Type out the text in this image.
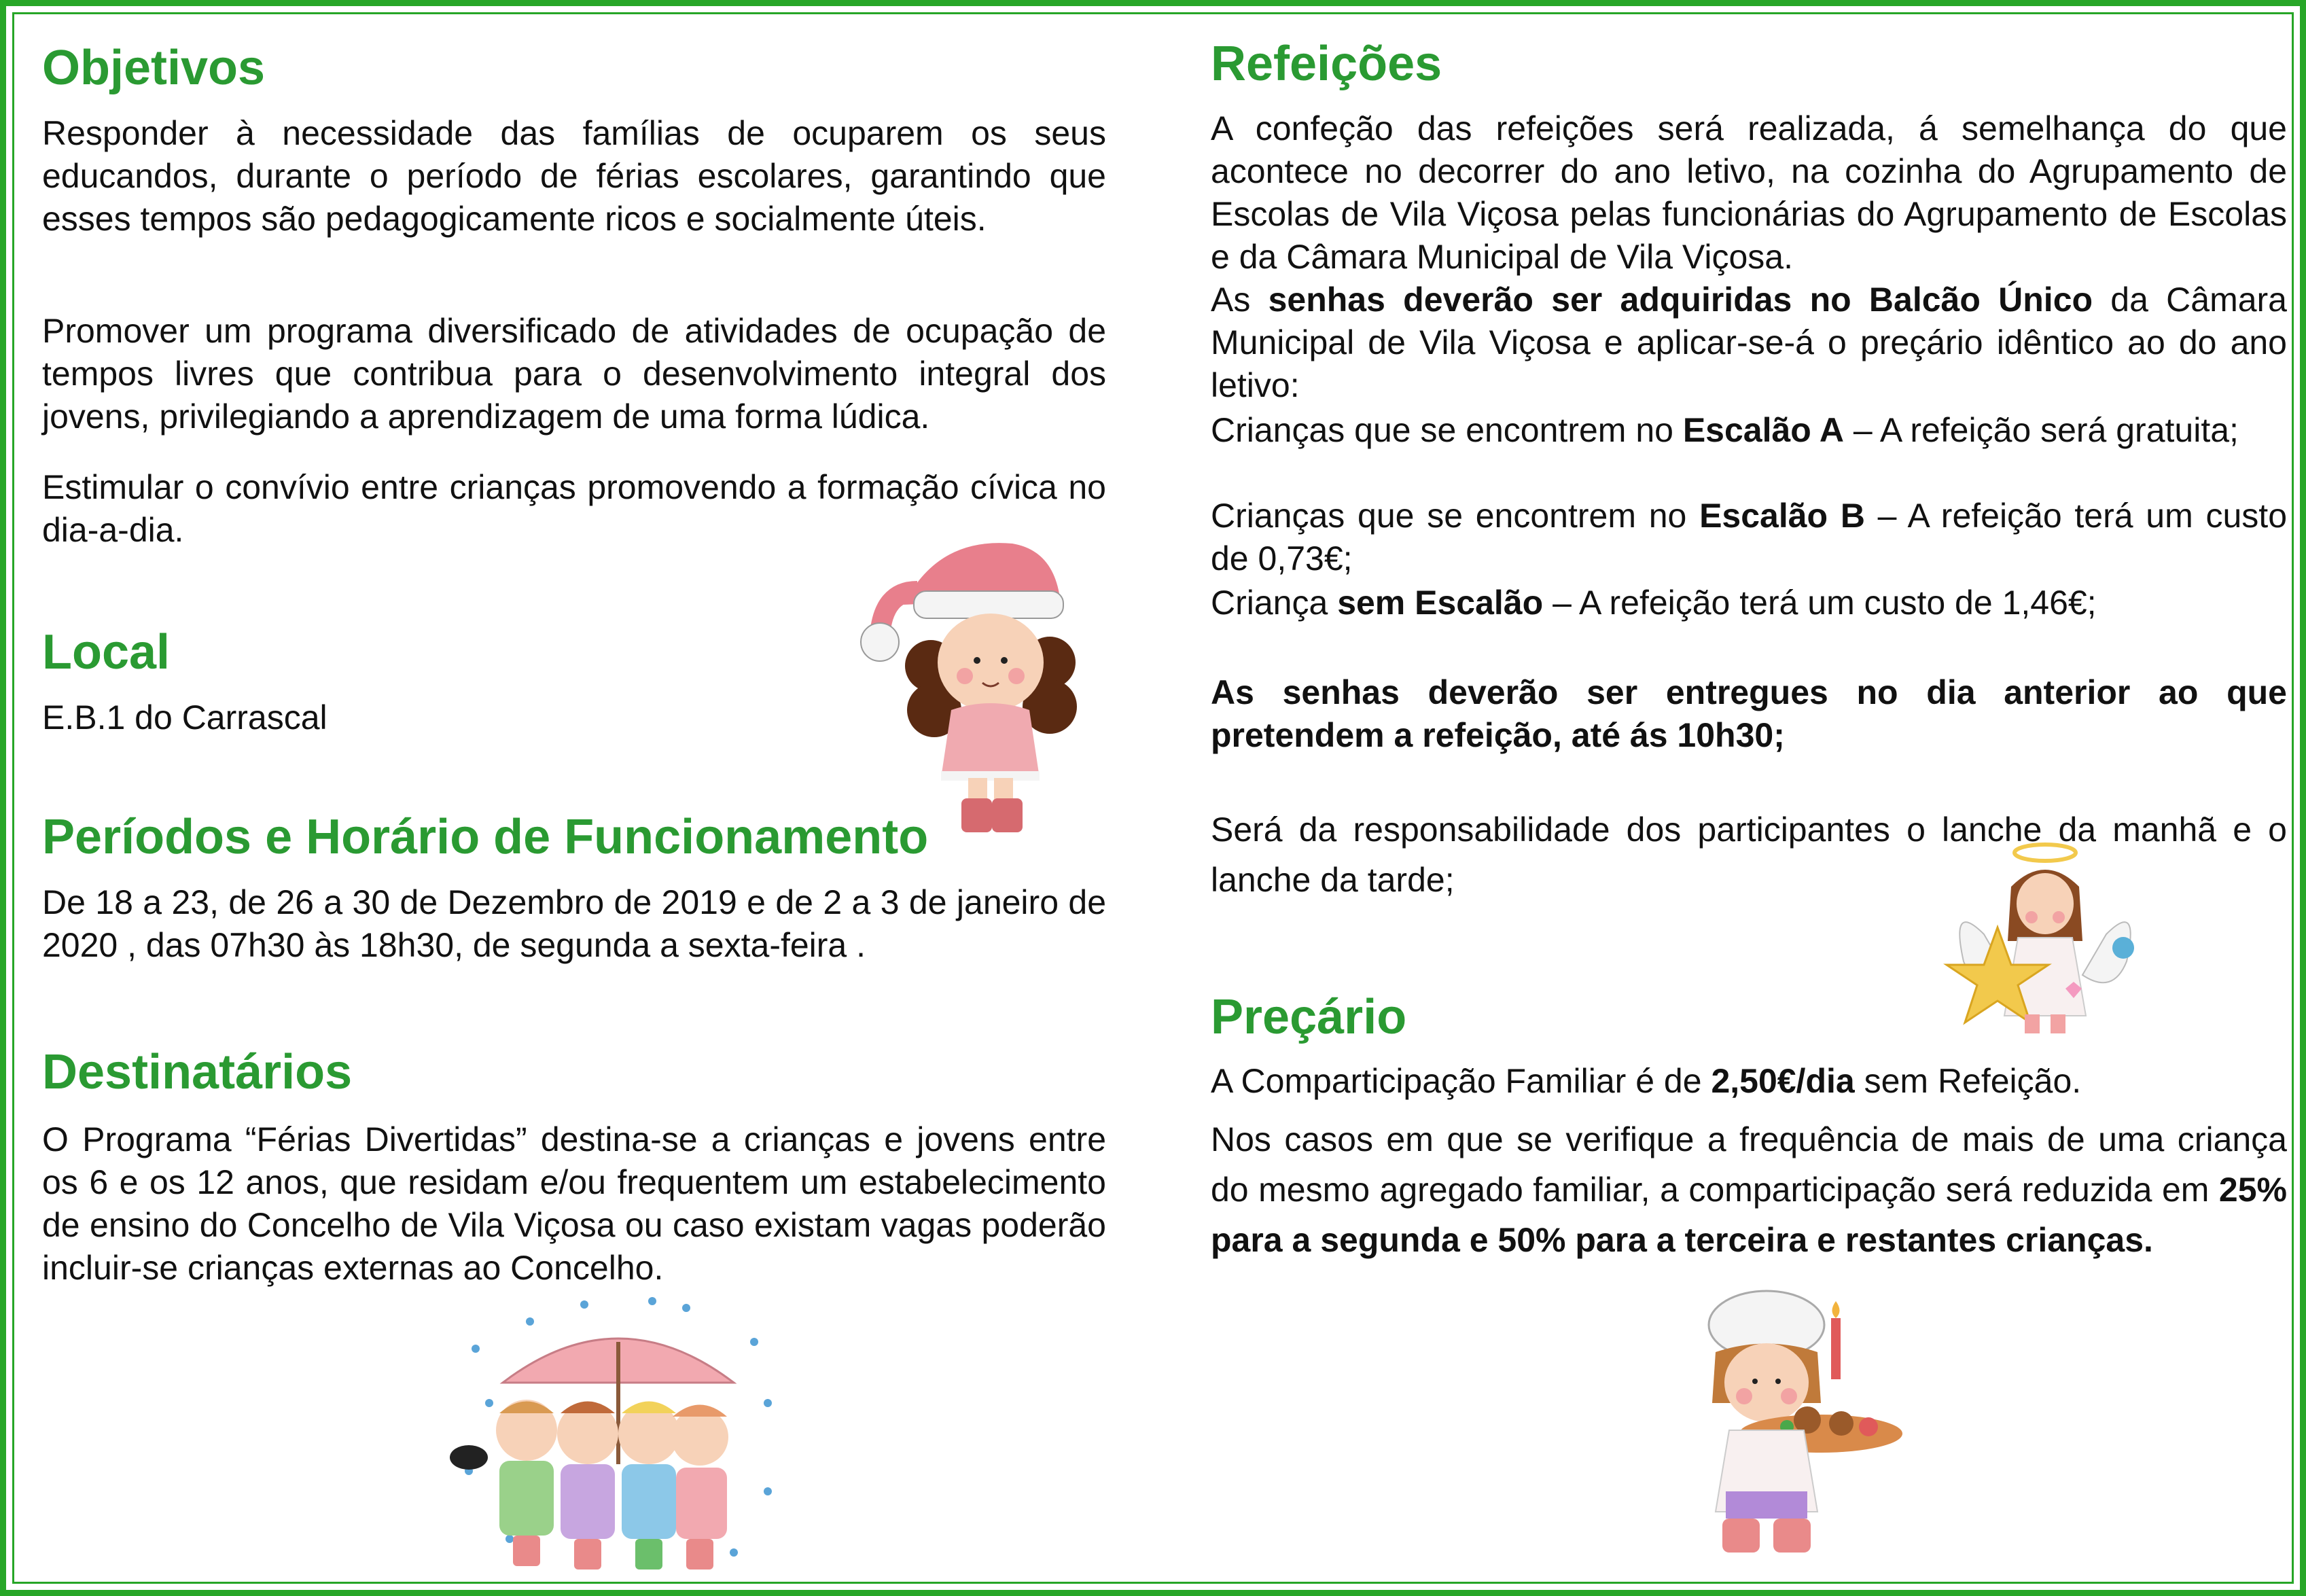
Objetivos

Responder à necessidade das famílias de ocuparem os seus educandos, durante o período de férias escolares, garantindo que esses tempos são pedagogicamente ricos e socialmente úteis.

Promover um programa diversificado de atividades de ocupação de tempos livres que contribua para o desenvolvimento integral dos jovens, privilegiando a aprendizagem de uma forma lúdica.

Estimular o convívio entre crianças promovendo a formação cívica no dia-a-dia.

Local

E.B.1 do Carrascal

Períodos e Horário de Funcionamento

De 18 a 23, de 26 a 30 de Dezembro de 2019 e de 2 a 3 de janeiro de 2020 , das 07h30 às 18h30, de segunda a sexta-feira .

Destinatários

O Programa “Férias Divertidas” destina-se a crianças e jovens entre os 6 e os 12 anos, que residam e/ou frequentem um estabelecimento de ensino do Concelho de Vila Viçosa ou caso existam vagas poderão incluir-se crianças externas ao Concelho.

Refeições

A confeção das refeições será realizada, á semelhança do que acontece no decorrer do ano letivo, na cozinha do Agrupamento de Escolas de Vila Viçosa pelas funcionárias do Agrupamento de Escolas e da Câmara Municipal de Vila Viçosa.

As senhas deverão ser adquiridas no Balcão Único da Câmara Municipal de Vila Viçosa e aplicar-se-á o preçário idêntico ao do ano letivo:

Crianças que se encontrem no Escalão A – A refeição será gratuita;

Crianças que se encontrem no Escalão B – A refeição terá um custo de 0,73€;

Criança sem Escalão – A refeição terá um custo de 1,46€;

As senhas deverão ser entregues no dia anterior ao que pretendem a refeição, até ás 10h30;

Será da responsabilidade dos participantes o lanche da manhã e o lanche da tarde;

Preçário

A Comparticipação Familiar é de 2,50€/dia sem Refeição.

Nos casos em que se verifique a frequência de mais de uma criança do mesmo agregado familiar, a comparticipação será reduzida em 25% para a segunda e 50% para a terceira e restantes crianças.
